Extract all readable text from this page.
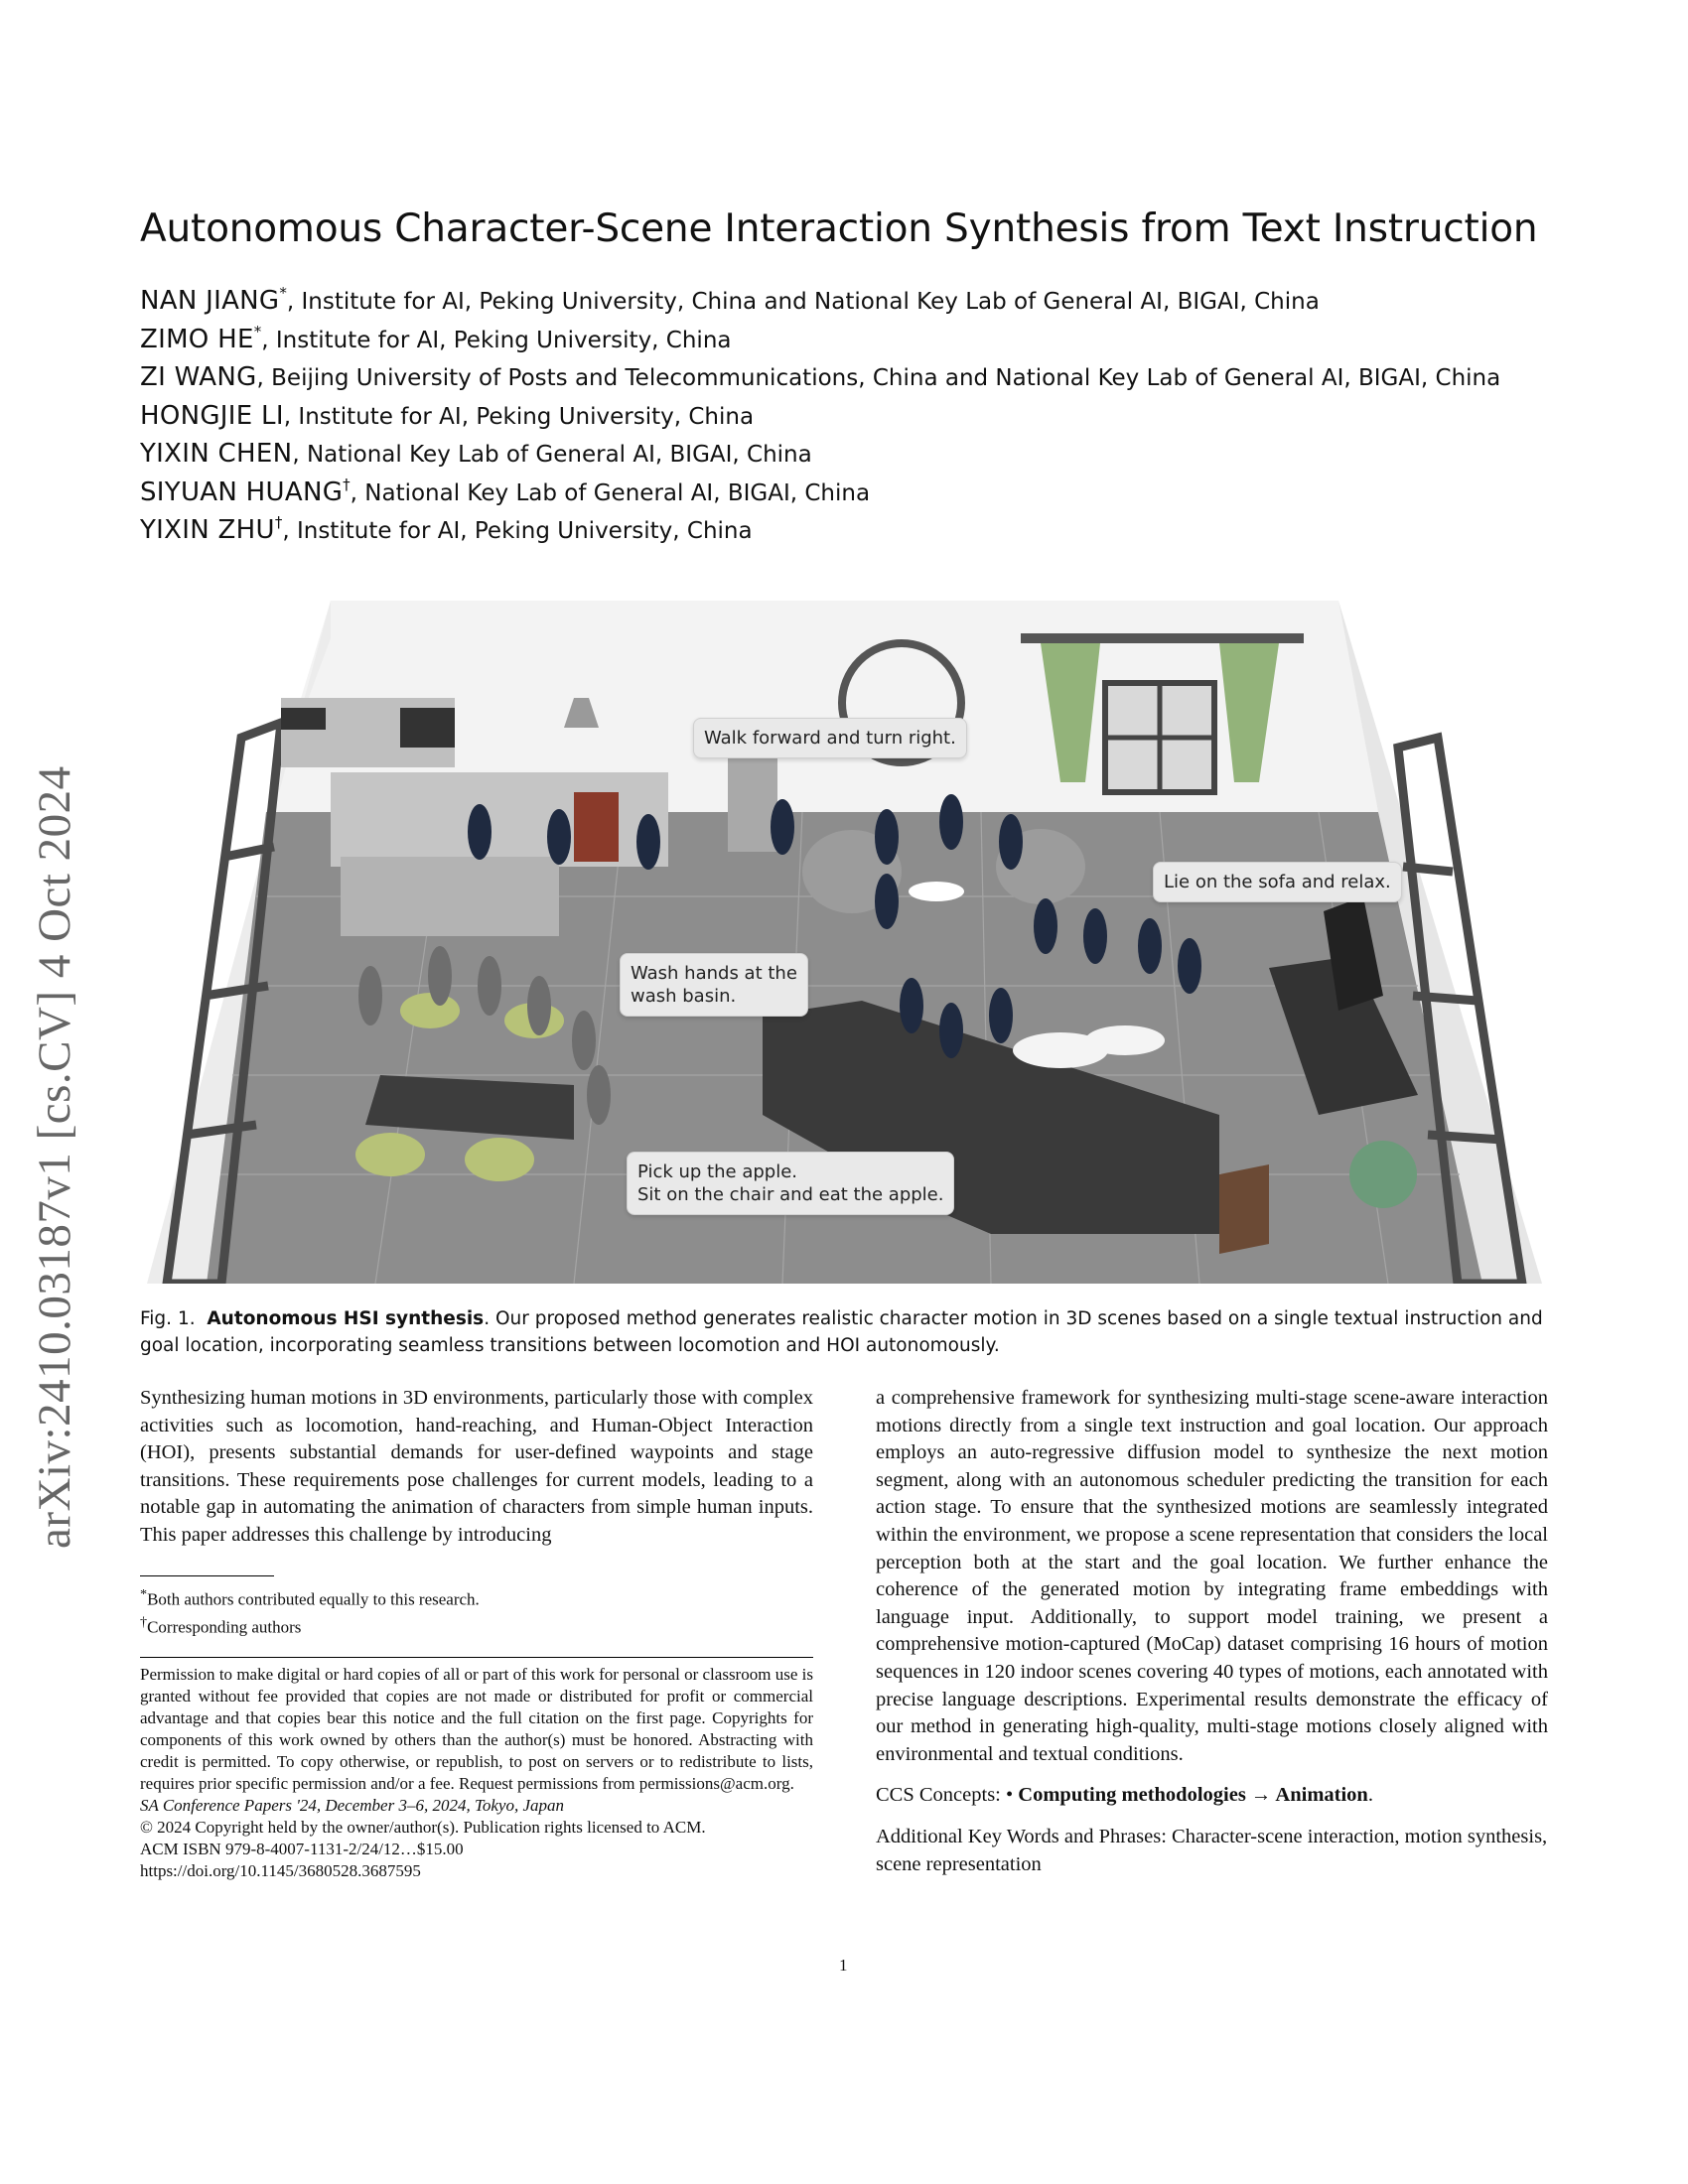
arXiv:2410.03187v1 [cs.CV] 4 Oct 2024
Autonomous Character-Scene Interaction Synthesis from Text Instruction
NAN JIANG*, Institute for AI, Peking University, China and National Key Lab of General AI, BIGAI, China
ZIMO HE*, Institute for AI, Peking University, China
ZI WANG, Beijing University of Posts and Telecommunications, China and National Key Lab of General AI, BIGAI, China
HONGJIE LI, Institute for AI, Peking University, China
YIXIN CHEN, National Key Lab of General AI, BIGAI, China
SIYUAN HUANG†, National Key Lab of General AI, BIGAI, China
YIXIN ZHU†, Institute for AI, Peking University, China
Walk forward and turn right.
Lie on the sofa and relax.
Wash hands at the
wash basin.
Pick up the apple.
Sit on the chair and eat the apple.
Fig. 1. Autonomous HSI synthesis. Our proposed method generates realistic character motion in 3D scenes based on a single textual instruction and goal location, incorporating seamless transitions between locomotion and HOI autonomously.

Synthesizing human motions in 3D environments, particularly those with complex activities such as locomotion, hand-reaching, and Human-Object Interaction (HOI), presents substantial demands for user-defined waypoints and stage transitions. These requirements pose challenges for current models, leading to a notable gap in automating the animation of characters from simple human inputs. This paper addresses this challenge by introducing

a comprehensive framework for synthesizing multi-stage scene-aware interaction motions directly from a single text instruction and goal location. Our approach employs an auto-regressive diffusion model to synthesize the next motion segment, along with an autonomous scheduler predicting the transition for each action stage. To ensure that the synthesized motions are seamlessly integrated within the environment, we propose a scene representation that considers the local perception both at the start and the goal location. We further enhance the coherence of the generated motion by integrating frame embeddings with language input. Additionally, to support model training, we present a comprehensive motion-captured (MoCap) dataset comprising 16 hours of motion sequences in 120 indoor scenes covering 40 types of motions, each annotated with precise language descriptions. Experimental results demonstrate the efficacy of our method in generating high-quality, multi-stage motions closely aligned with environmental and textual conditions.

CCS Concepts: • Computing methodologies → Animation.

Additional Key Words and Phrases: Character-scene interaction, motion synthesis, scene representation

*Both authors contributed equally to this research.
†Corresponding authors

Permission to make digital or hard copies of all or part of this work for personal or classroom use is granted without fee provided that copies are not made or distributed for profit or commercial advantage and that copies bear this notice and the full citation on the first page. Copyrights for components of this work owned by others than the author(s) must be honored. Abstracting with credit is permitted. To copy otherwise, or republish, to post on servers or to redistribute to lists, requires prior specific permission and/or a fee. Request permissions from permissions@acm.org.

SA Conference Papers '24, December 3–6, 2024, Tokyo, Japan

© 2024 Copyright held by the owner/author(s). Publication rights licensed to ACM.

ACM ISBN 979-8-4007-1131-2/24/12…$15.00

https://doi.org/10.1145/3680528.3687595

1
